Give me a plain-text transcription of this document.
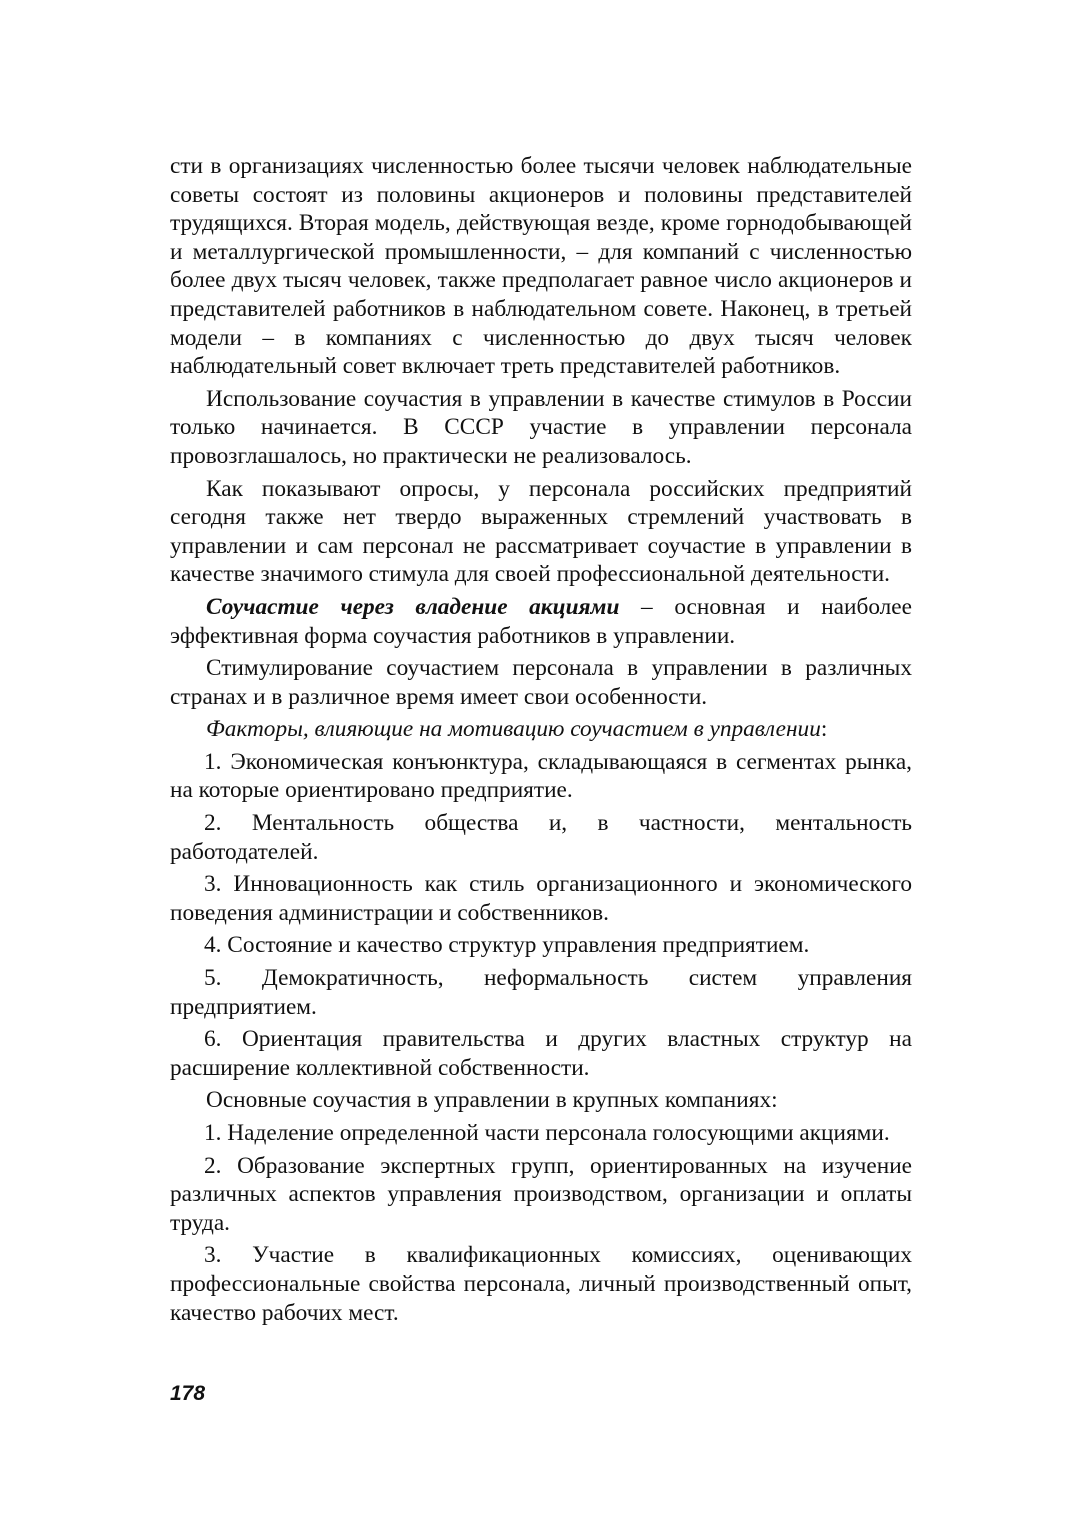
сти в организациях численностью более тысячи человек наблюдательные советы состоят из половины акционеров и половины представителей трудящихся. Вторая модель, действующая везде, кроме горнодобывающей и металлургической промышленности, – для компаний с численностью более двух тысяч человек, также предполагает равное число акционеров и представителей работников в наблюдательном совете. Наконец, в третьей модели – в компаниях с численностью до двух тысяч человек наблюдательный совет включает треть представителей работников.

Использование соучастия в управлении в качестве стимулов в России только начинается. В СССР участие в управлении персонала провозглашалось, но практически не реализовалось.

Как показывают опросы, у персонала российских предприятий сегодня также нет твердо выраженных стремлений участвовать в управлении и сам персонал не рассматривает соучастие в управлении в качестве значимого стимула для своей профессиональной деятельности.

Соучастие через владение акциями – основная и наиболее эффективная форма соучастия работников в управлении.

Стимулирование соучастием персонала в управлении в различных странах и в различное время имеет свои особенности.

Факторы, влияющие на мотивацию соучастием в управлении:

1. Экономическая конъюнктура, складывающаяся в сегментах рынка, на которые ориентировано предприятие.

2. Ментальность общества и, в частности, ментальность работодателей.

3. Инновационность как стиль организационного и экономического поведения администрации и собственников.

4. Состояние и качество структур управления предприятием.

5. Демократичность, неформальность систем управления предприятием.

6. Ориентация правительства и других властных структур на расширение коллективной собственности.

Основные соучастия в управлении в крупных компаниях:

1. Наделение определенной части персонала голосующими акциями.

2. Образование экспертных групп, ориентированных на изучение различных аспектов управления производством, организации и оплаты труда.

3. Участие в квалификационных комиссиях, оценивающих профессиональные свойства персонала, личный производственный опыт, качество рабочих мест.

178
